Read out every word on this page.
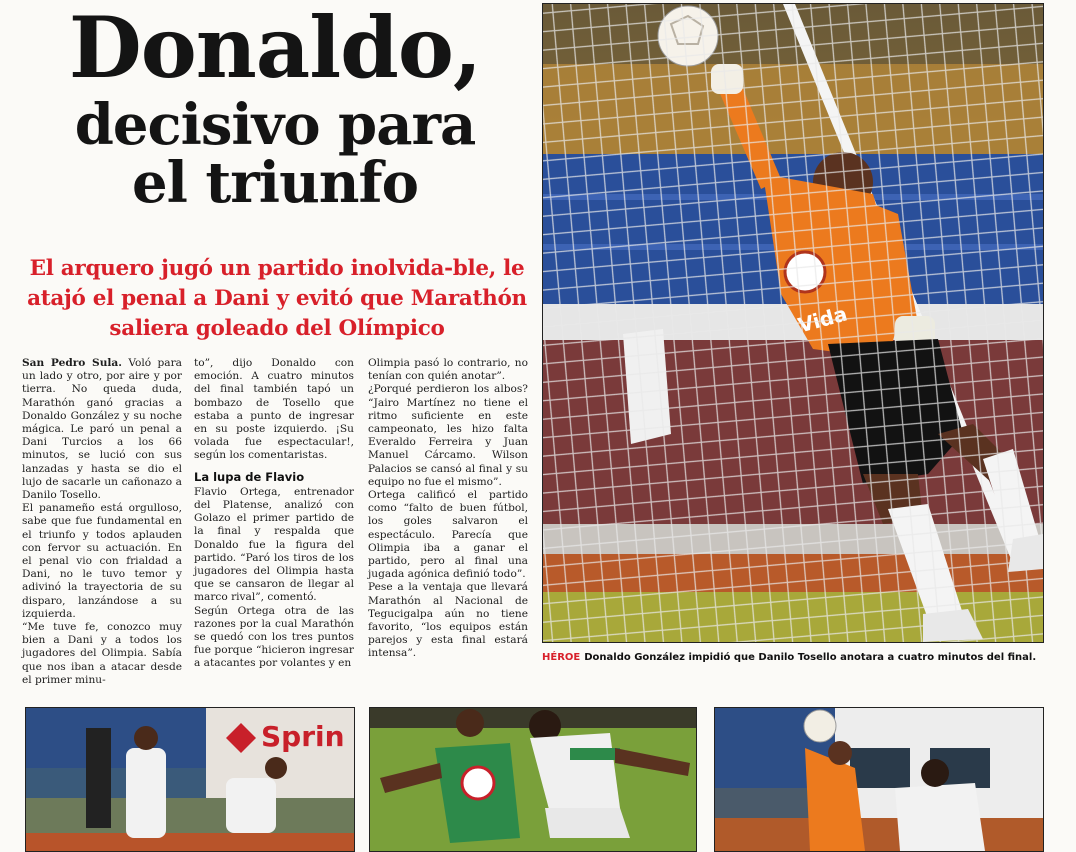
Donaldo,
decisivo para
el triunfo
El arquero jugó un partido inolvida-ble, le atajó el penal a Dani y evitó que Marathón saliera goleado del Olímpico

San Pedro Sula. Voló para un lado y otro, por aire y por tierra. No queda duda, Marathón ganó gracias a Donaldo González y su noche mágica. Le paró un penal a Dani Turcios a los 66 minutos, se lució con sus lanzadas y hasta se dio el lujo de sacarle un cañonazo a Danilo Tosello.

El panameño está orgulloso, sabe que fue fundamental en el triunfo y todos aplauden con fervor su actuación. En el penal vio con frialdad a Dani, no le tuvo temor y adivinó la trayectoria de su disparo, lanzándose a su izquierda.

“Me tuve fe, conozco muy bien a Dani y a todos los jugadores del Olimpia. Sabía que nos iban a atacar desde el primer minu-

to”, dijo Donaldo con emoción. A cuatro minutos del final también tapó un bombazo de Tosello que estaba a punto de ingresar en su poste izquierdo. ¡Su volada fue espectacular!, según los comentaristas.

La lupa de Flavio

Flavio Ortega, entrenador del Platense, analizó con Golazo el primer partido de la final y respalda que Donaldo fue la figura del partido. “Paró los tiros de los jugadores del Olimpia hasta que se cansaron de llegar al marco rival”, comentó.

Según Ortega otra de las razones por la cual Marathón se quedó con los tres puntos fue porque “hicieron ingresar a atacantes por volantes y en

Olimpia pasó lo contrario, no tenían con quién anotar”.

¿Porqué perdieron los albos? “Jairo Martínez no tiene el ritmo suficiente en este campeonato, les hizo falta Everaldo Ferreira y Juan Manuel Cárcamo. Wilson Palacios se cansó al final y su equipo no fue el mismo”.

Ortega calificó el partido como “falto de buen fútbol, los goles salvaron el espectáculo. Parecía que Olimpia iba a ganar el partido, pero al final una jugada agónica definió todo”.

Pese a la ventaja que llevará Marathón al Nacional de Tegucigalpa aún no tiene favorito, “los equipos están parejos y esta final estará intensa”.	HÉROE Donaldo González impidió que Danilo Tosello anotara a cuatro minutos del final.
Sprin
